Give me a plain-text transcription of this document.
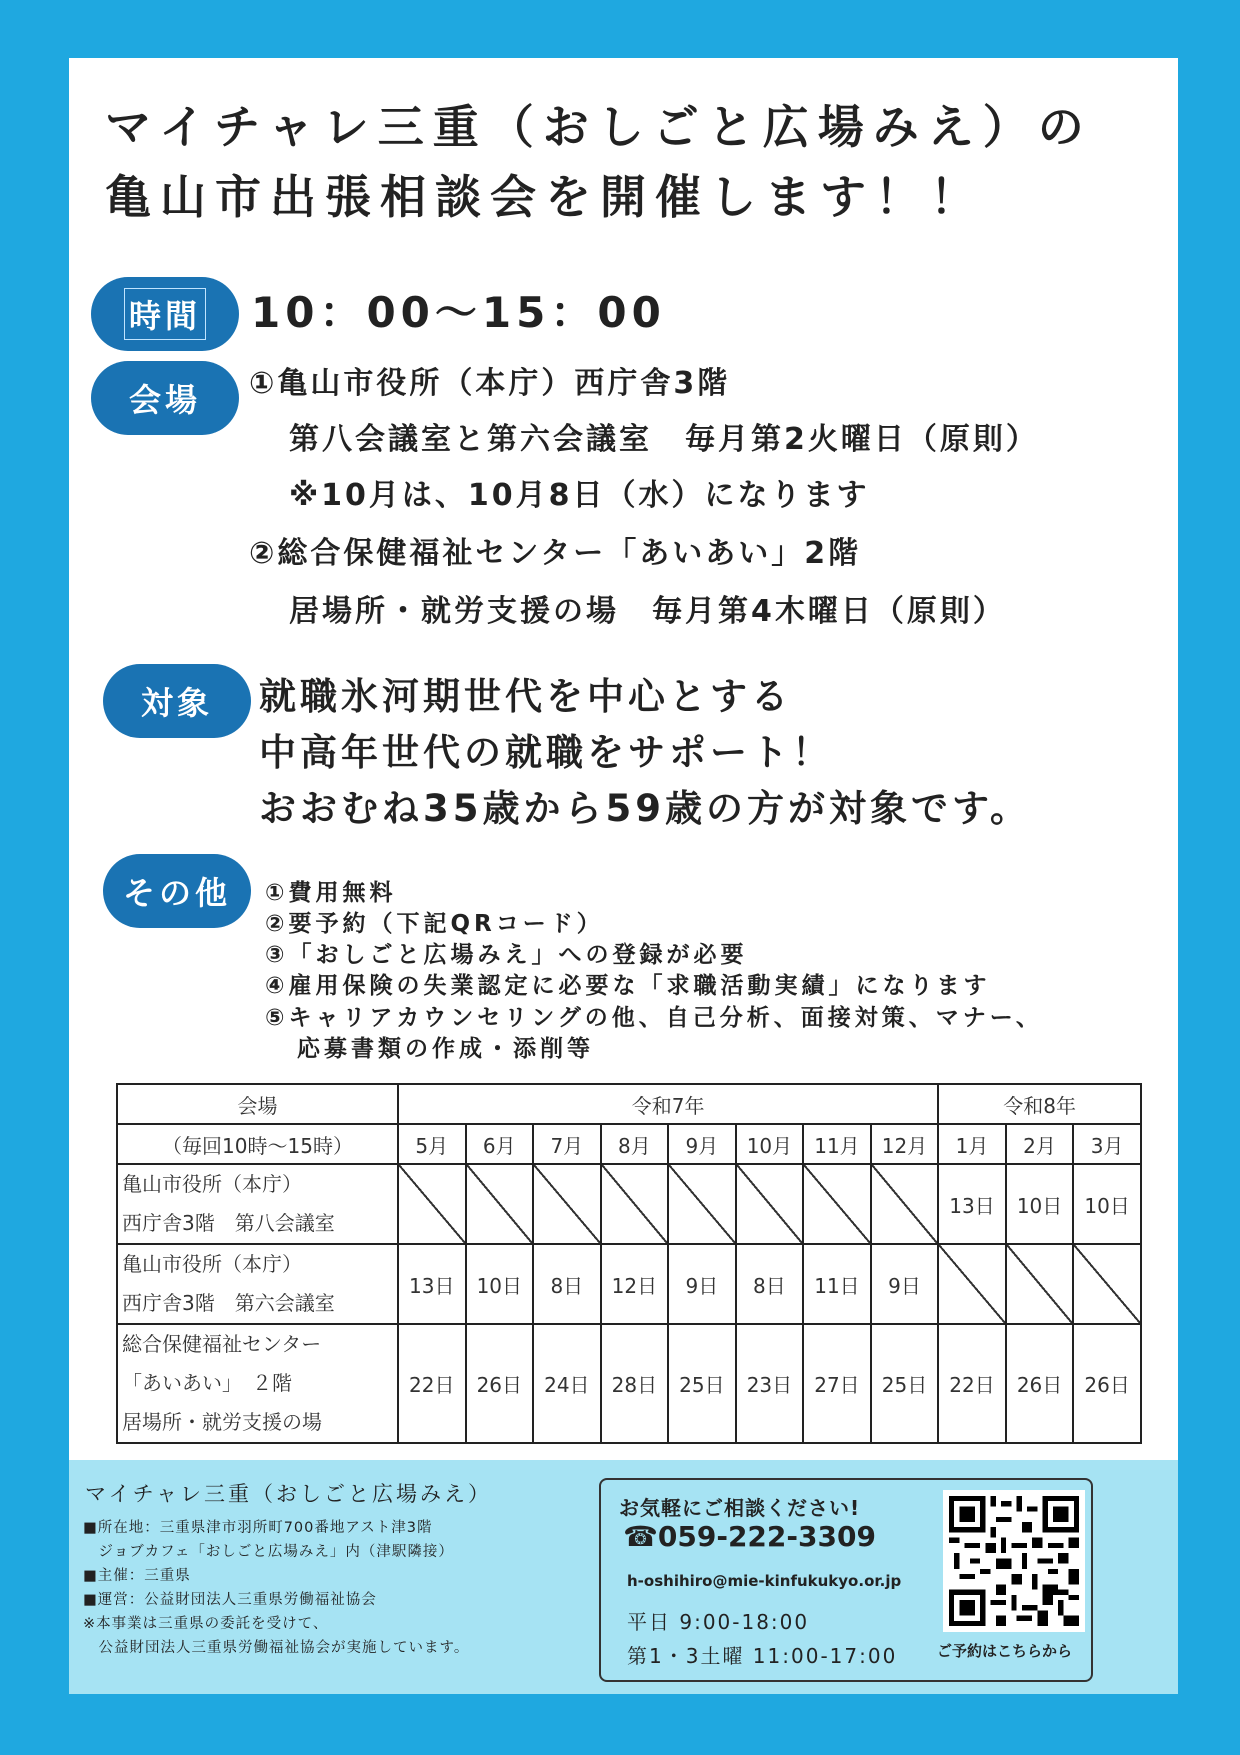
マイチャレ三重（おしごと広場みえ）の
亀山市出張相談会を開催します！！
時間 10：00～15：00
会場	①亀山市役所（本庁）西庁舎3階
第八会議室と第六会議室　毎月第2火曜日（原則）
※10月は、10月8日（水）になります
②総合保健福祉センター「あいあい」2階
居場所・就労支援の場　毎月第4木曜日（原則）
対象	就職氷河期世代を中心とする
中高年世代の就職をサポート！
おおむね35歳から59歳の方が対象です。
その他	①費用無料
②要予約（下記QRコード）
③「おしごと広場みえ」への登録が必要
④雇用保険の失業認定に必要な「求職活動実績」になります
⑤キャリアカウンセリングの他、自己分析、面接対策、マナー、
応募書類の作成・添削等
会場	令和7年								令和8年		
（毎回10時～15時）	5月	6月	7月	8月	9月	10月	11月	12月	1月	2月	3月

亀山市役所（本庁）
西庁舎3階　第八会議室									13日	10日	10日

亀山市役所（本庁）
西庁舎3階　第六会議室	13日	10日	8日	12日	9日	8日	11日	9日			

総合保健福祉センター
「あいあい」　２階
居場所・就労支援の場	22日	26日	24日	28日	25日	23日	27日	25日	22日	26日	26日
マイチャレ三重（おしごと広場みえ）
■所在地：三重県津市羽所町700番地アスト津3階
　ジョブカフェ「おしごと広場みえ」内（津駅隣接）
■主催：三重県
■運営：公益財団法人三重県労働福祉協会
※本事業は三重県の委託を受けて、
　公益財団法人三重県労働福祉協会が実施しています。
お気軽にご相談ください!
☎059-222-3309
h-oshihiro@mie-kinfukukyo.or.jp
平日 9:00-18:00
第1・3土曜 11:00-17:00	ご予約はこちらから
